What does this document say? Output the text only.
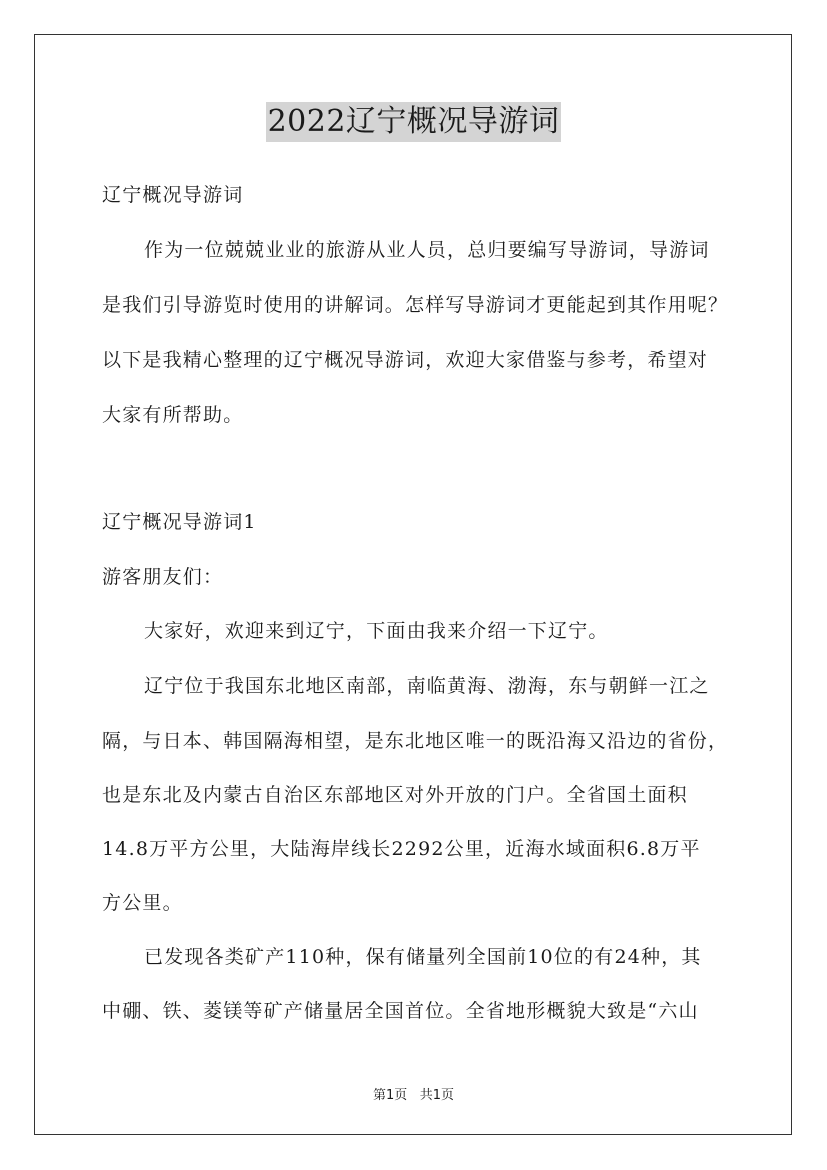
2022辽宁概况导游词
辽宁概况导游词
作为一位兢兢业业的旅游从业人员，总归要编写导游词，导游词
是我们引导游览时使用的讲解词。怎样写导游词才更能起到其作用呢？
以下是我精心整理的辽宁概况导游词，欢迎大家借鉴与参考，希望对
大家有所帮助。
辽宁概况导游词1
游客朋友们：
大家好，欢迎来到辽宁，下面由我来介绍一下辽宁。
辽宁位于我国东北地区南部，南临黄海、渤海，东与朝鲜一江之
隔，与日本、韩国隔海相望，是东北地区唯一的既沿海又沿边的省份，
也是东北及内蒙古自治区东部地区对外开放的门户。全省国土面积
14.8万平方公里，大陆海岸线长2292公里，近海水域面积6.8万平
方公里。
已发现各类矿产110种，保有储量列全国前10位的有24种，其
中硼、铁、菱镁等矿产储量居全国首位。全省地形概貌大致是“六山
第1页 共1页
